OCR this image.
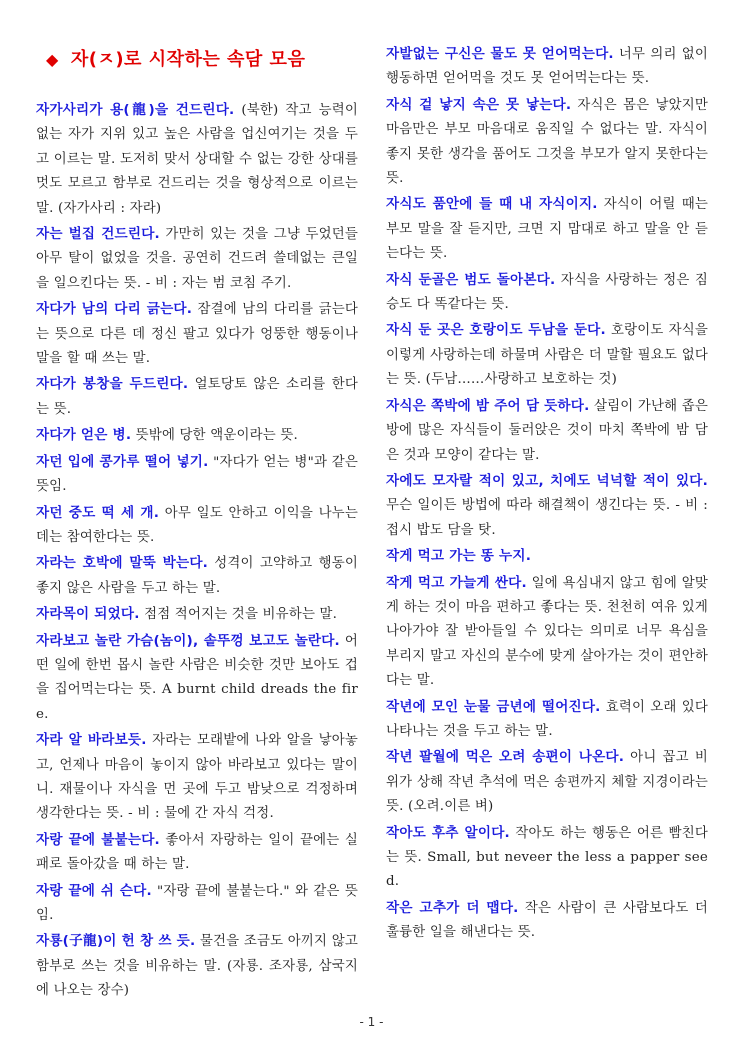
◆ 자(ㅈ)로 시작하는 속담 모음
자가사리가 용(龍)을 건드린다. (북한) 작고 능력이 없는 자가 지위 있고 높은 사람을 업신여기는 것을 두고 이르는 말. 도저히 맞서 상대할 수 없는 강한 상대를 멋도 모르고 함부로 건드리는 것을 형상적으로 이르는 말. (자가사리 : 자라)
자는 벌집 건드린다. 가만히 있는 것을 그냥 두었던들 아무 탈이 없었을 것을. 공연히 건드려 쓸데없는 큰일을 일으킨다는 뜻. - 비 : 자는 범 코침 주기.
자다가 남의 다리 긁는다. 잠결에 남의 다리를 긁는다는 뜻으로 다른 데 정신 팔고 있다가 엉뚱한 행동이나 말을 할 때 쓰는 말.
자다가 봉창을 두드린다. 얼토당토 않은 소리를 한다는 뜻.
자다가 얻은 병. 뜻밖에 당한 액운이라는 뜻.
자던 입에 콩가루 떨어 넣기. "자다가 얻는 병"과 같은 뜻임.
자던 중도 떡 세 개. 아무 일도 안하고 이익을 나누는 데는 참여한다는 뜻.
자라는 호박에 말뚝 박는다. 성격이 고약하고 행동이 좋지 않은 사람을 두고 하는 말.
자라목이 되었다. 점점 적어지는 것을 비유하는 말.
자라보고 놀란 가슴(놈이), 솥뚜껑 보고도 놀란다. 어떤 일에 한번 몹시 놀란 사람은 비슷한 것만 보아도 겁을 집어먹는다는 뜻. A burnt child dreads the fire.
자라 알 바라보듯. 자라는 모래밭에 나와 알을 낳아놓고, 언제나 마음이 놓이지 않아 바라보고 있다는 말이니. 재물이나 자식을 먼 곳에 두고 밤낮으로 걱정하며 생각한다는 뜻. - 비 : 물에 간 자식 걱정.
자랑 끝에 불붙는다. 좋아서 자랑하는 일이 끝에는 실패로 돌아갔을 때 하는 말.
자랑 끝에 쉬 슨다. "자랑 끝에 불붙는다." 와 같은 뜻임.
자룡(子龍)이 헌 창 쓰 듯. 물건을 조금도 아끼지 않고 함부로 쓰는 것을 비유하는 말. (자룡. 조자룡, 삼국지에 나오는 장수)
자발없는 구신은 물도 못 얻어먹는다. 너무 의리 없이 행동하면 얻어먹을 것도 못 얻어먹는다는 뜻.
자식 겉 낳지 속은 못 낳는다. 자식은 몸은 낳았지만 마음만은 부모 마음대로 움직일 수 없다는 말. 자식이 좋지 못한 생각을 품어도 그것을 부모가 알지 못한다는 뜻.
자식도 품안에 들 때 내 자식이지. 자식이 어릴 때는 부모 말을 잘 듣지만, 크면 지 맘대로 하고 말을 안 듣는다는 뜻.
자식 둔골은 범도 돌아본다. 자식을 사랑하는 정은 짐승도 다 똑같다는 뜻.
자식 둔 곳은 호랑이도 두남을 둔다. 호랑이도 자식을 이렇게 사랑하는데 하물며 사람은 더 말할 필요도 없다는 뜻. (두남……사랑하고 보호하는 것)
자식은 쪽박에 밤 주어 담 듯하다. 살림이 가난해 좁은 방에 많은 자식들이 둘러앉은 것이 마치 쪽박에 밤 담은 것과 모양이 같다는 말.
자에도 모자랄 적이 있고, 치에도 넉넉할 적이 있다. 무슨 일이든 방법에 따라 해결책이 생긴다는 뜻. - 비 : 접시 밥도 담을 탓.
작게 먹고 가는 똥 누지.
작게 먹고 가늘게 싼다. 일에 욕심내지 않고 힘에 알맞게 하는 것이 마음 편하고 좋다는 뜻. 천천히 여유 있게 나아가야 잘 받아들일 수 있다는 의미로 너무 욕심을 부리지 말고 자신의 분수에 맞게 살아가는 것이 편안하다는 말.
작년에 모인 눈물 금년에 떨어진다. 효력이 오래 있다 나타나는 것을 두고 하는 말.
작년 팔월에 먹은 오려 송편이 나온다. 아니 꼽고 비위가 상해 작년 추석에 먹은 송편까지 체할 지경이라는 뜻. (오려.이른 벼)
작아도 후추 알이다. 작아도 하는 행동은 어른 빰친다는 뜻. Small, but neveer the less a papper seed.
작은 고추가 더 맵다. 작은 사람이 큰 사람보다도 더 훌륭한 일을 해낸다는 뜻.
- 1 -
